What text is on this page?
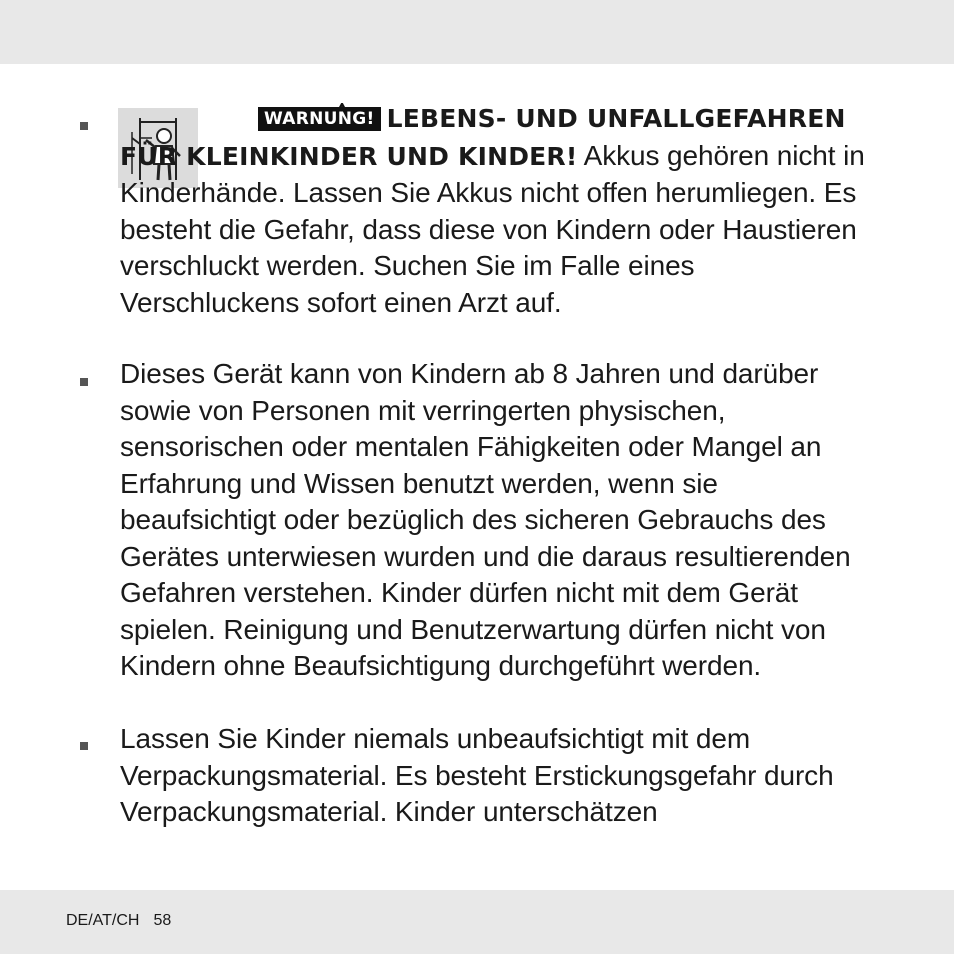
WARNUNG! LEBENS- UND UNFALLGEFAHREN FÜR KLEINKINDER UND KINDER! Akkus gehören nicht in Kinderhände. Lassen Sie Akkus nicht offen herumliegen. Es besteht die Gefahr, dass diese von Kindern oder Haustieren verschluckt werden. Suchen Sie im Falle eines Verschluckens sofort einen Arzt auf.

Dieses Gerät kann von Kindern ab 8 Jahren und darüber sowie von Personen mit verringerten physischen, sensorischen oder mentalen Fähigkeiten oder Mangel an Erfahrung und Wissen benutzt werden, wenn sie beaufsichtigt oder bezüglich des sicheren Gebrauchs des Gerätes unterwiesen wurden und die daraus resultierenden Gefahren verstehen. Kinder dürfen nicht mit dem Gerät spielen. Reinigung und Benutzerwartung dürfen nicht von Kindern ohne Beaufsichtigung durchgeführt werden.

Lassen Sie Kinder niemals unbeaufsichtigt mit dem Verpackungsmaterial. Es besteht Erstickungsgefahr durch Verpackungsmaterial. Kinder unterschätzen

DE/AT/CH 58
